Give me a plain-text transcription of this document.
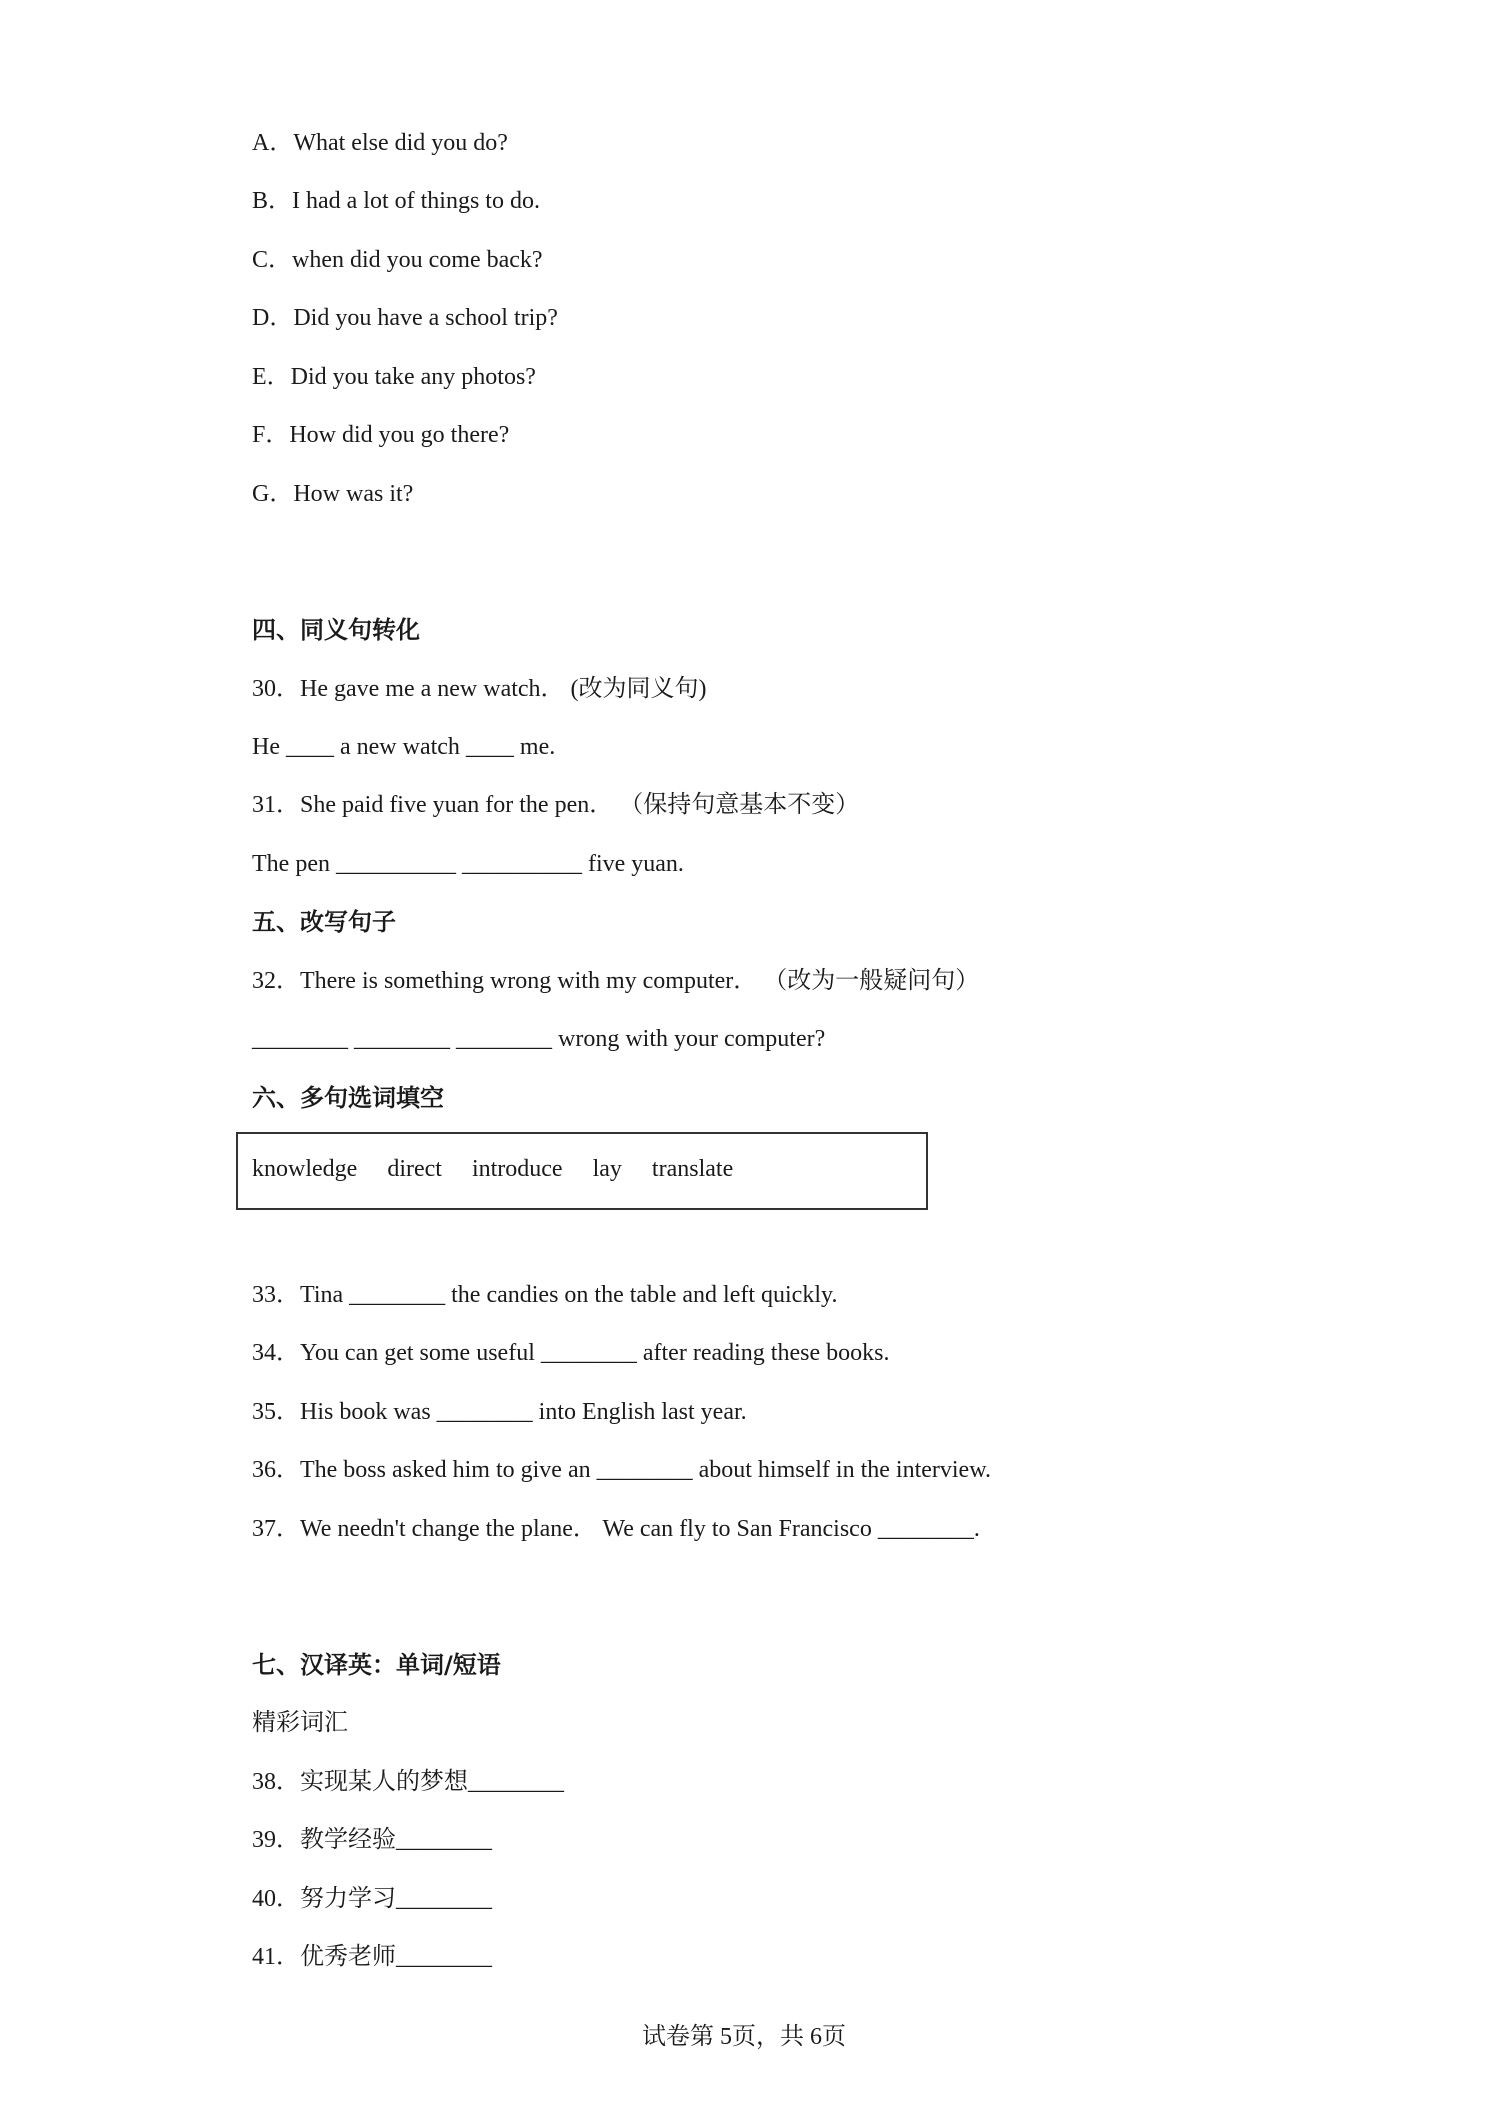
A．What else did you do?
B．I had a lot of things to do.
C．when did you come back?
D．Did you have a school trip?
E．Did you take any photos?
F．How did you go there?
G．How was it?
四、同义句转化
30．He gave me a new watch． (改为同义句)
He ____ a new watch ____ me.
31．She paid five yuan for the pen． （保持句意基本不变）
The pen __________ __________ five yuan.
五、改写句子
32．There is something wrong with my computer． （改为一般疑问句）
________ ________ ________ wrong with your computer?
六、多句选词填空
knowledge direct introduce lay translate
33．Tina ________ the candies on the table and left quickly.
34．You can get some useful ________ after reading these books.
35．His book was ________ into English last year.
36．The boss asked him to give an ________ about himself in the interview.
37．We needn't change the plane． We can fly to San Francisco ________.
七、汉译英：单词/短语
精彩词汇
38．实现某人的梦想________
39．教学经验________
40．努力学习________
41．优秀老师________
试卷第 5页，共 6页
